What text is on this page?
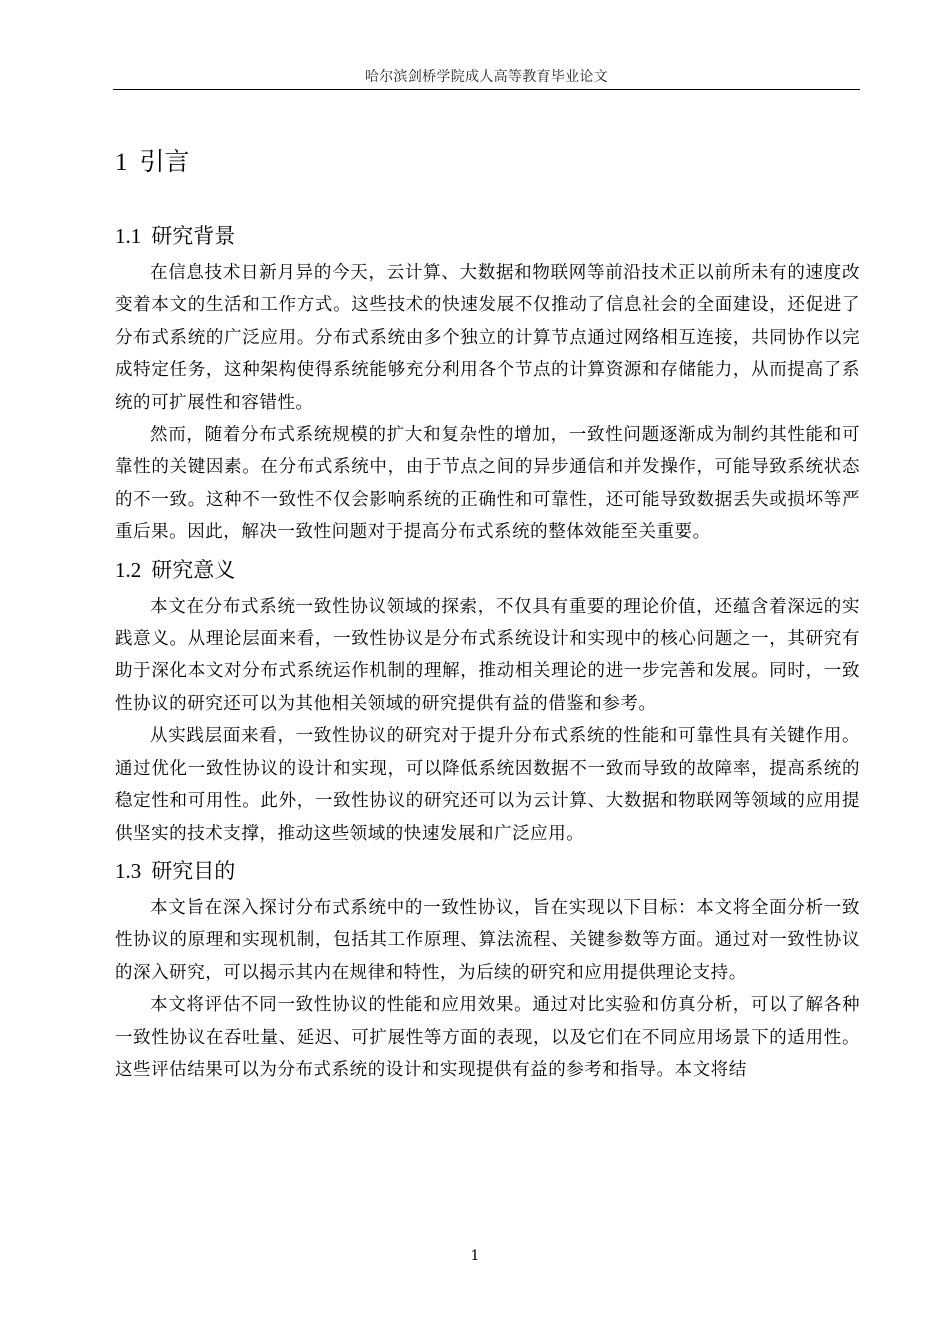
哈尔滨剑桥学院成人高等教育毕业论文
1 引言
1.1 研究背景

在信息技术日新月异的今天，云计算、大数据和物联网等前沿技术正以前所未有的速度改变着本文的生活和工作方式。这些技术的快速发展不仅推动了信息社会的全面建设，还促进了分布式系统的广泛应用。分布式系统由多个独立的计算节点通过网络相互连接，共同协作以完成特定任务，这种架构使得系统能够充分利用各个节点的计算资源和存储能力，从而提高了系统的可扩展性和容错性。

然而，随着分布式系统规模的扩大和复杂性的增加，一致性问题逐渐成为制约其性能和可靠性的关键因素。在分布式系统中，由于节点之间的异步通信和并发操作，可能导致系统状态的不一致。这种不一致性不仅会影响系统的正确性和可靠性，还可能导致数据丢失或损坏等严重后果。因此，解决一致性问题对于提高分布式系统的整体效能至关重要。

1.2 研究意义

本文在分布式系统一致性协议领域的探索，不仅具有重要的理论价值，还蕴含着深远的实践意义。从理论层面来看，一致性协议是分布式系统设计和实现中的核心问题之一，其研究有助于深化本文对分布式系统运作机制的理解，推动相关理论的进一步完善和发展。同时，一致性协议的研究还可以为其他相关领域的研究提供有益的借鉴和参考。

从实践层面来看，一致性协议的研究对于提升分布式系统的性能和可靠性具有关键作用。通过优化一致性协议的设计和实现，可以降低系统因数据不一致而导致的故障率，提高系统的稳定性和可用性。此外，一致性协议的研究还可以为云计算、大数据和物联网等领域的应用提供坚实的技术支撑，推动这些领域的快速发展和广泛应用。

1.3 研究目的

本文旨在深入探讨分布式系统中的一致性协议，旨在实现以下目标：本文将全面分析一致性协议的原理和实现机制，包括其工作原理、算法流程、关键参数等方面。通过对一致性协议的深入研究，可以揭示其内在规律和特性，为后续的研究和应用提供理论支持。

本文将评估不同一致性协议的性能和应用效果。通过对比实验和仿真分析，可以了解各种一致性协议在吞吐量、延迟、可扩展性等方面的表现，以及它们在不同应用场景下的适用性。这些评估结果可以为分布式系统的设计和实现提供有益的参考和指导。本文将结

1
